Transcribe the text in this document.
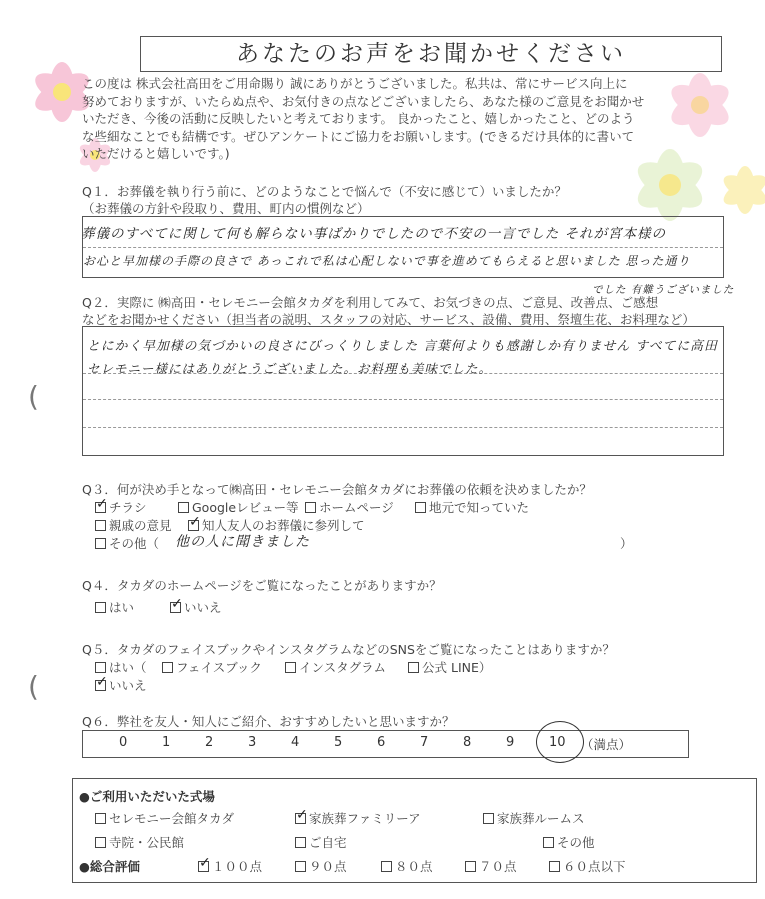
あなたのお声をお聞かせください
この度は 株式会社高田をご用命賜り 誠にありがとうございました。私共は、常にサービス向上に
努めておりますが、いたらぬ点や、お気付きの点などございましたら、あなた様のご意見をお聞かせ
いただき、今後の活動に反映したいと考えております。 良かったこと、嬉しかったこと、どのよう
な些細なことでも結構です。ぜひアンケートにご協力をお願いします。(できるだけ具体的に書いて
いただけると嬉しいです。)
Q１．お葬儀を執り行う前に、どのようなことで悩んで（不安に感じて）いましたか？
（お葬儀の方針や段取り、費用、町内の慣例など）
葬儀のすべてに関して何も解らない事ばかりでしたので不安の一言でした それが宮本様の
お心と早加様の手際の良さで あっこれで私は心配しないで事を進めてもらえると思いました 思った通り
でした 有難うございました
Q２．実際に ㈱高田・セレモニー会館タカダを利用してみて、お気づきの点、ご意見、改善点、ご感想
などをお聞かせください（担当者の説明、スタッフの対応、サービス、設備、費用、祭壇生花、お料理など）
とにかく早加様の気づかいの良さにびっくりしました 言葉何よりも感謝しか有りません すべてに高田
セレモニー様にはありがとうございました。お料理も美味でした。
(
Q３．何が決め手となって㈱高田・セレモニー会館タカダにお葬儀の依頼を決めましたか？
✓ チラシ	Googleレビュー等	ホームページ	地元で知っていた
親戚の意見 ✓ 知人友人のお葬儀に参列して
その他（ 他の人に聞きました	）
Q４．タカダのホームページをご覧になったことがありますか？
はい	✓ いいえ
Q５．タカダのフェイスブックやインスタグラムなどのSNSをご覧になったことはありますか？
はい（	フェイスブック	インスタグラム	公式 LINE）
✓ いいえ
(
Q６．弊社を友人・知人にご紹介、おすすめしたいと思いますか？
0	1	2	3	4	5	6	7	8	9	10 （満点）
●ご利用いただいた式場
セレモニー会館タカダ	✓ 家族葬ファミリーア	家族葬ルームス
寺院・公民館	ご自宅	その他
●総合評価	✓ １００点	９０点	８０点	７０点	６０点以下
